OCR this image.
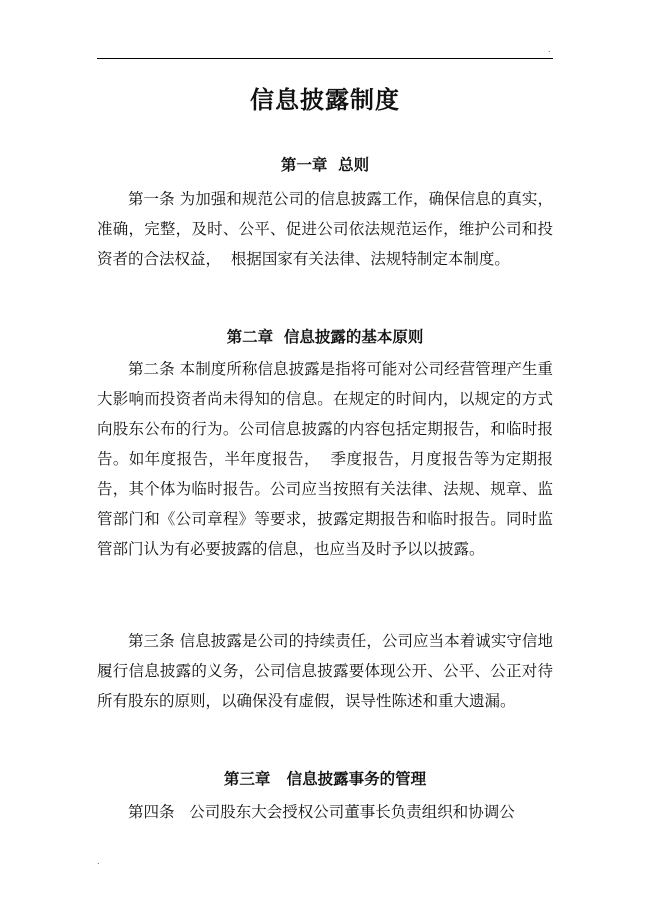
.
信息披露制度
第一章  总则

第一条 为加强和规范公司的信息披露工作，确保信息的真实，准确，完整，及时、公平、促进公司依法规范运作，维护公司和投资者的合法权益，  根据国家有关法律、法规特制定本制度。

第二章  信息披露的基本原则

第二条 本制度所称信息披露是指将可能对公司经营管理产生重大影响而投资者尚未得知的信息。在规定的时间内，以规定的方式向股东公布的行为。公司信息披露的内容包括定期报告，和临时报告。如年度报告，半年度报告，  季度报告，月度报告等为定期报告，其个体为临时报告。公司应当按照有关法律、法规、规章、监管部门和《公司章程》等要求，披露定期报告和临时报告。同时监管部门认为有必要披露的信息，也应当及时予以以披露。

第三条 信息披露是公司的持续责任，公司应当本着诚实守信地履行信息披露的义务，公司信息披露要体现公开、公平、公正对待所有股东的原则，以确保没有虚假，误导性陈述和重大遗漏。

第三章   信息披露事务的管理

第四条   公司股东大会授权公司董事长负责组织和协调公

.
